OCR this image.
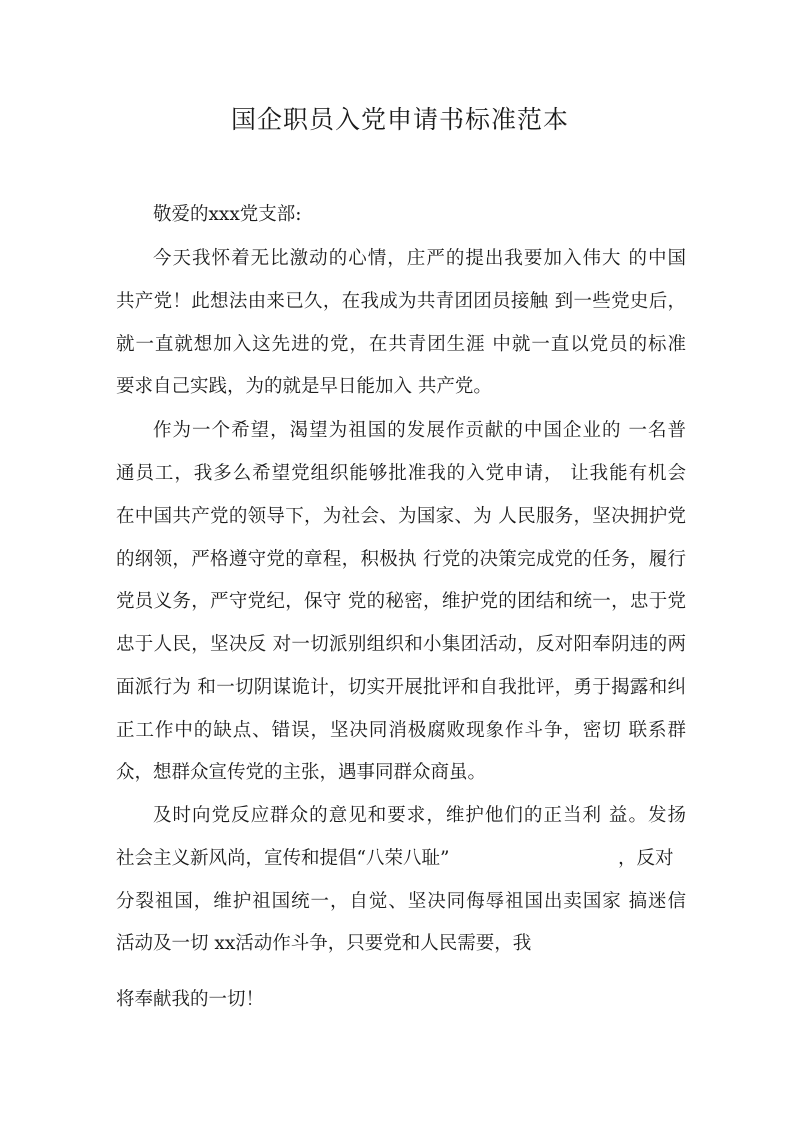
国企职员入党申请书标准范本
敬爱的xxx党支部:
今天我怀着无比激动的心情，庄严的提出我要加入伟大 的中国
共产党！此想法由来已久，在我成为共青团团员接触 到一些党史后，
就一直就想加入这先进的党，在共青团生涯 中就一直以党员的标准
要求自己实践，为的就是早日能加入 共产党。
作为一个希望，渴望为祖国的发展作贡献的中国企业的 一名普
通员工，我多么希望党组织能够批准我的入党申请， 让我能有机会
在中国共产党的领导下，为社会、为国家、为 人民服务，坚决拥护党
的纲领，严格遵守党的章程，积极执 行党的决策完成党的任务，履行
党员义务，严守党纪，保守 党的秘密，维护党的团结和统一，忠于党
忠于人民，坚决反 对一切派别组织和小集团活动，反对阳奉阴违的两
面派行为 和一切阴谋诡计，切实开展批评和自我批评，勇于揭露和纠
正工作中的缺点、错误，坚决同消极腐败现象作斗争，密切 联系群
众，想群众宣传党的主张，遇事同群众商虽。
及时向党反应群众的意见和要求，维护他们的正当利 益。发扬
社会主义新风尚，宣传和提倡“八荣八耻”	，反对
分裂祖国，维护祖国统一，自觉、坚决同侮辱祖国出卖国家 搞迷信
活动及一切 xx活动作斗争，只要党和人民需要，我
将奉献我的一切！
